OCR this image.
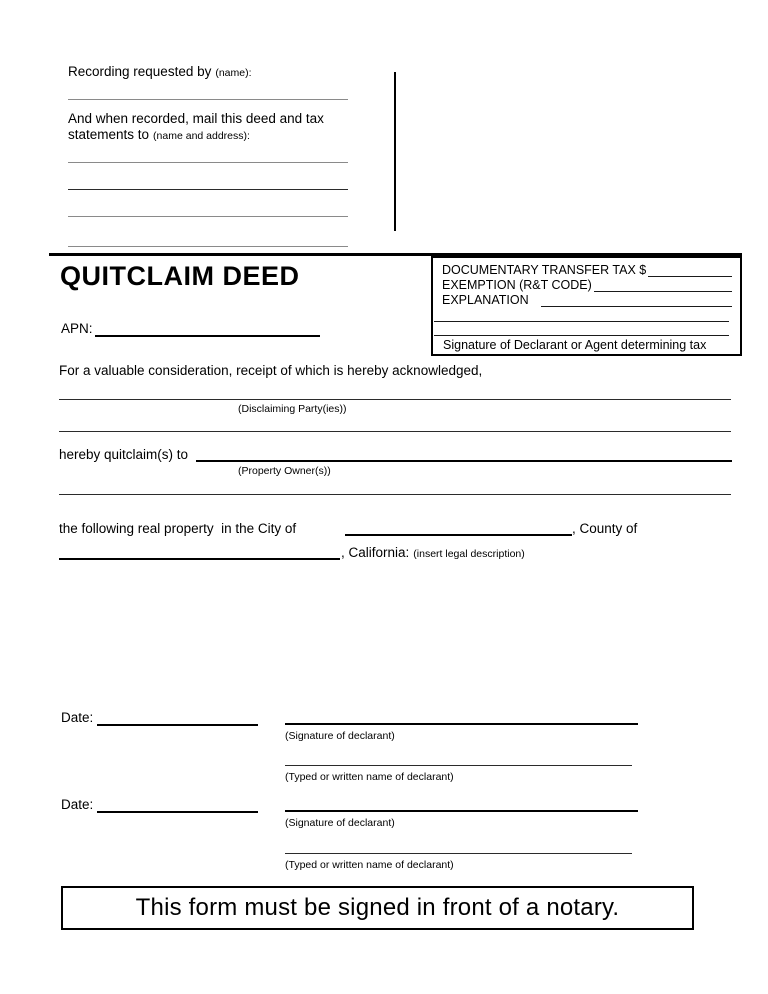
Recording requested by (name):
And when recorded, mail this deed and tax
statements to (name and address):
QUITCLAIM DEED	DOCUMENTARY TRANSFER TAX $
EXEMPTION (R&T CODE)
EXPLANATION
Signature of Declarant or Agent determining tax
APN:
For a valuable consideration, receipt of which is hereby acknowledged,
(Disclaiming Party(ies))
hereby quitclaim(s) to
(Property Owner(s))
the following real property  in the City of	, County of
, California: (insert legal description)
Date:
(Signature of declarant)
(Typed or written name of declarant)
Date:
(Signature of declarant)
(Typed or written name of declarant)
This form must be signed in front of a notary.
